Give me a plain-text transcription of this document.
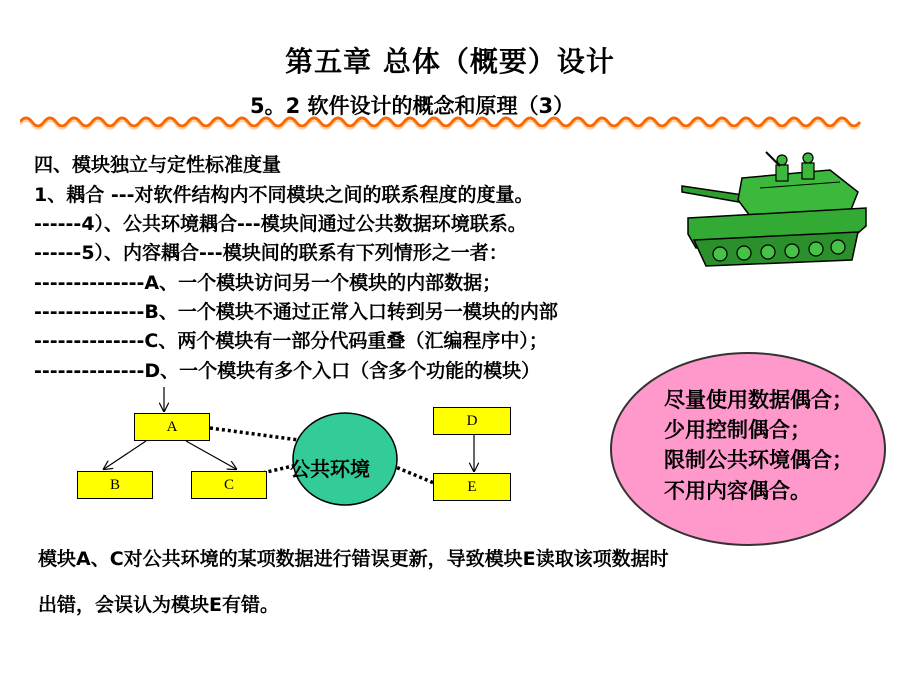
第五章 总体（概要）设计
5。2 软件设计的概念和原理（3）
四、模块独立与定性标准度量
1、耦合 ---对软件结构内不同模块之间的联系程度的度量。
------4）、公共环境耦合---模块间通过公共数据环境联系。
------5）、内容耦合---模块间的联系有下列情形之一者：
--------------A、一个模块访问另一个模块的内部数据；
--------------B、一个模块不通过正常入口转到另一模块的内部
--------------C、两个模块有一部分代码重叠（汇编程序中）；
--------------D、一个模块有多个入口（含多个功能的模块）
尽量使用数据偶合；
少用控制偶合；
限制公共环境偶合；
不用内容偶合。
A
B	C
D
E
公共环境
模块A、C对公共环境的某项数据进行错误更新，导致模块E读取该项数据时
出错，会误认为模块E有错。
